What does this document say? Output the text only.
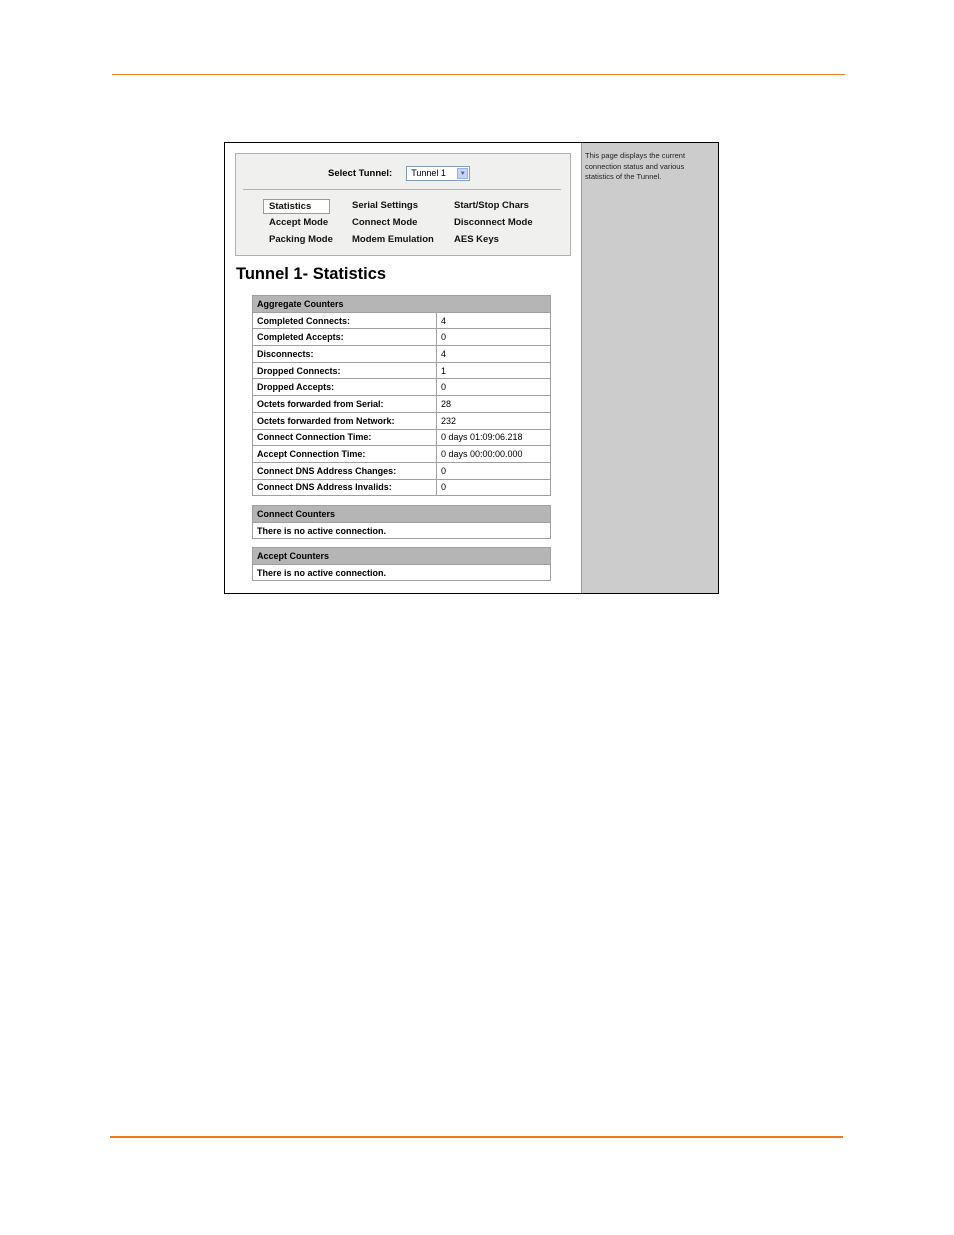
Select Tunnel:	Tunnel 1	▼
Statistics	Serial Settings	Start/Stop Chars
Accept Mode	Connect Mode	Disconnect Mode
Packing Mode Modem Emulation AES Keys
Tunnel 1- Statistics
Aggregate Counters	
Completed Connects:	4
Completed Accepts:	0
Disconnects:	4
Dropped Connects:	1
Dropped Accepts:	0
Octets forwarded from Serial:	28
Octets forwarded from Network:	232
Connect Connection Time:	0 days 01:09:06.218
Accept Connection Time:	0 days 00:00:00.000
Connect DNS Address Changes:	0
Connect DNS Address Invalids:	0
Connect Counters
There is no active connection.
Accept Counters
There is no active connection.

This page displays the current connection status and various statistics of the Tunnel.
